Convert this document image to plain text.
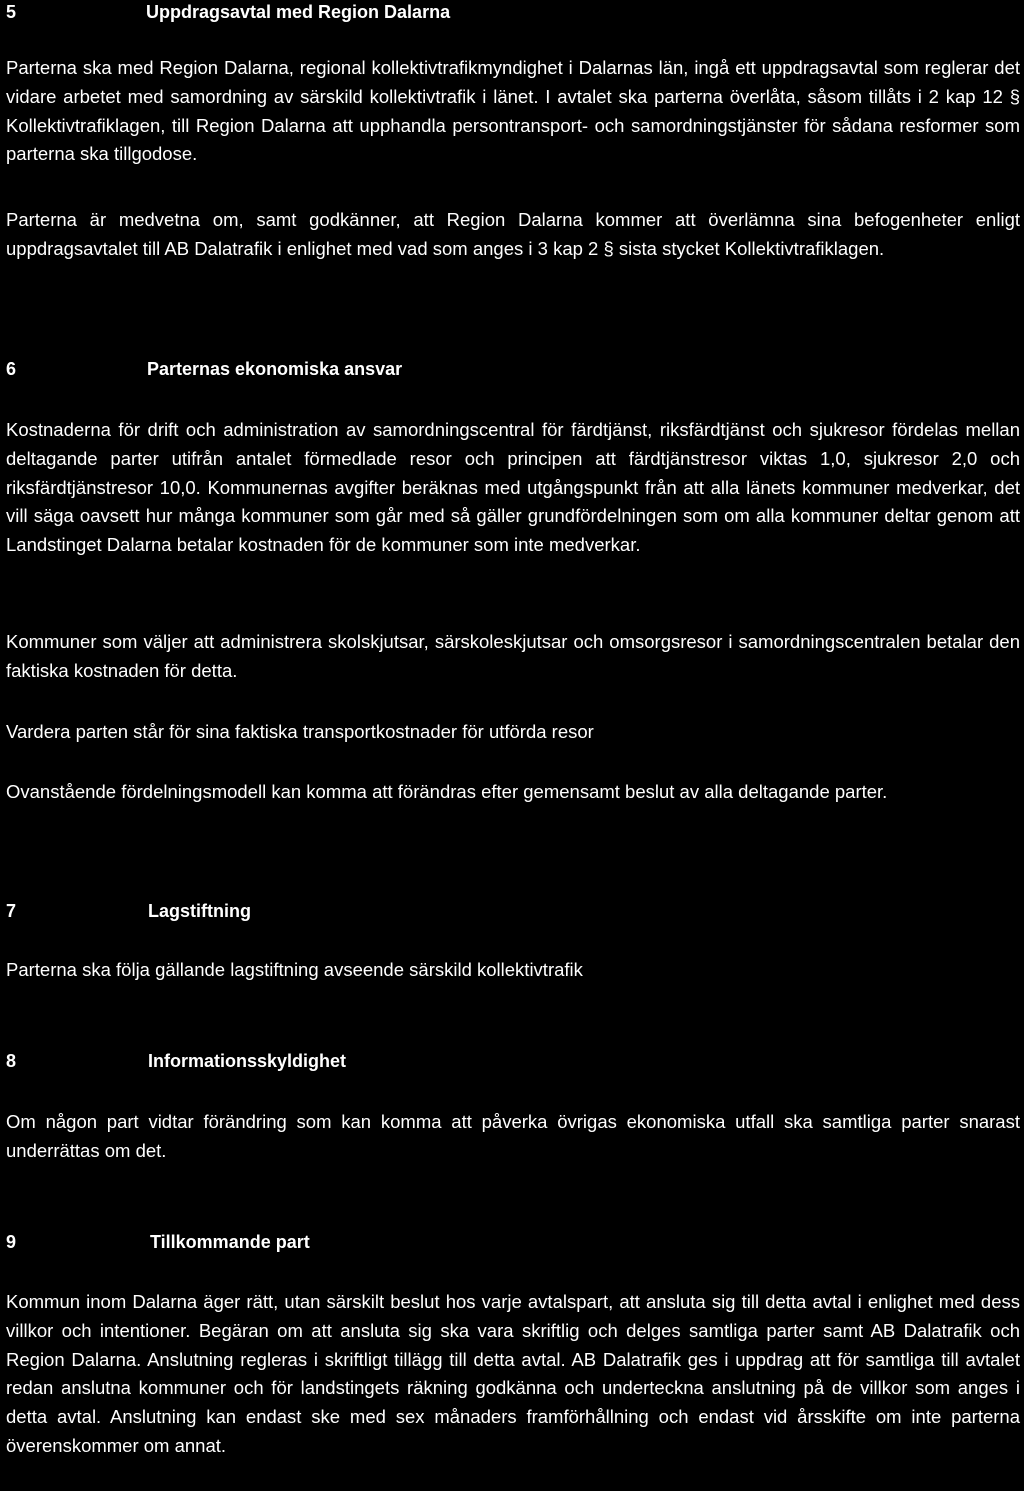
5	Uppdragsavtal med Region Dalarna

Parterna ska med Region Dalarna, regional kollektivtrafikmyndighet i Dalarnas län, ingå ett uppdragsavtal som reglerar det vidare arbetet med samordning av särskild kollektivtrafik i länet. I avtalet ska parterna överlåta, såsom tillåts i 2 kap 12 § Kollektivtrafiklagen, till Region Dalarna att upphandla persontransport- och samordningstjänster för sådana resformer som parterna ska tillgodose.

Parterna är medvetna om, samt godkänner, att Region Dalarna kommer att överlämna sina befogenheter enligt uppdragsavtalet till AB Dalatrafik i enlighet med vad som anges i 3 kap 2 § sista stycket Kollektivtrafiklagen.

6	Parternas ekonomiska ansvar

Kostnaderna för drift och administration av samordningscentral för färdtjänst, riksfärdtjänst och sjukresor fördelas mellan deltagande parter utifrån antalet förmedlade resor och principen att färdtjänstresor viktas 1,0, sjukresor 2,0 och riksfärdtjänstresor 10,0. Kommunernas avgifter beräknas med utgångspunkt från att alla länets kommuner medverkar, det vill säga oavsett hur många kommuner som går med så gäller grundfördelningen som om alla kommuner deltar genom att Landstinget Dalarna betalar kostnaden för de kommuner som inte medverkar.

Kommuner som väljer att administrera skolskjutsar, särskoleskjutsar och omsorgsresor i samordningscentralen betalar den faktiska kostnaden för detta.

Vardera parten står för sina faktiska transportkostnader för utförda resor

Ovanstående fördelningsmodell kan komma att förändras efter gemensamt beslut av alla deltagande parter.

7	Lagstiftning

Parterna ska följa gällande lagstiftning avseende särskild kollektivtrafik

8	Informationsskyldighet

Om någon part vidtar förändring som kan komma att påverka övrigas ekonomiska utfall ska samtliga parter snarast underrättas om det.

9	Tillkommande part

Kommun inom Dalarna äger rätt, utan särskilt beslut hos varje avtalspart, att ansluta sig till detta avtal i enlighet med dess villkor och intentioner. Begäran om att ansluta sig ska vara skriftlig och delges samtliga parter samt AB Dalatrafik och Region Dalarna. Anslutning regleras i skriftligt tillägg till detta avtal. AB Dalatrafik ges i uppdrag att för samtliga till avtalet redan anslutna kommuner och för landstingets räkning godkänna och underteckna anslutning på de villkor som anges i detta avtal. Anslutning kan endast ske med sex månaders framförhållning och endast vid årsskifte om inte parterna överenskommer om annat.
